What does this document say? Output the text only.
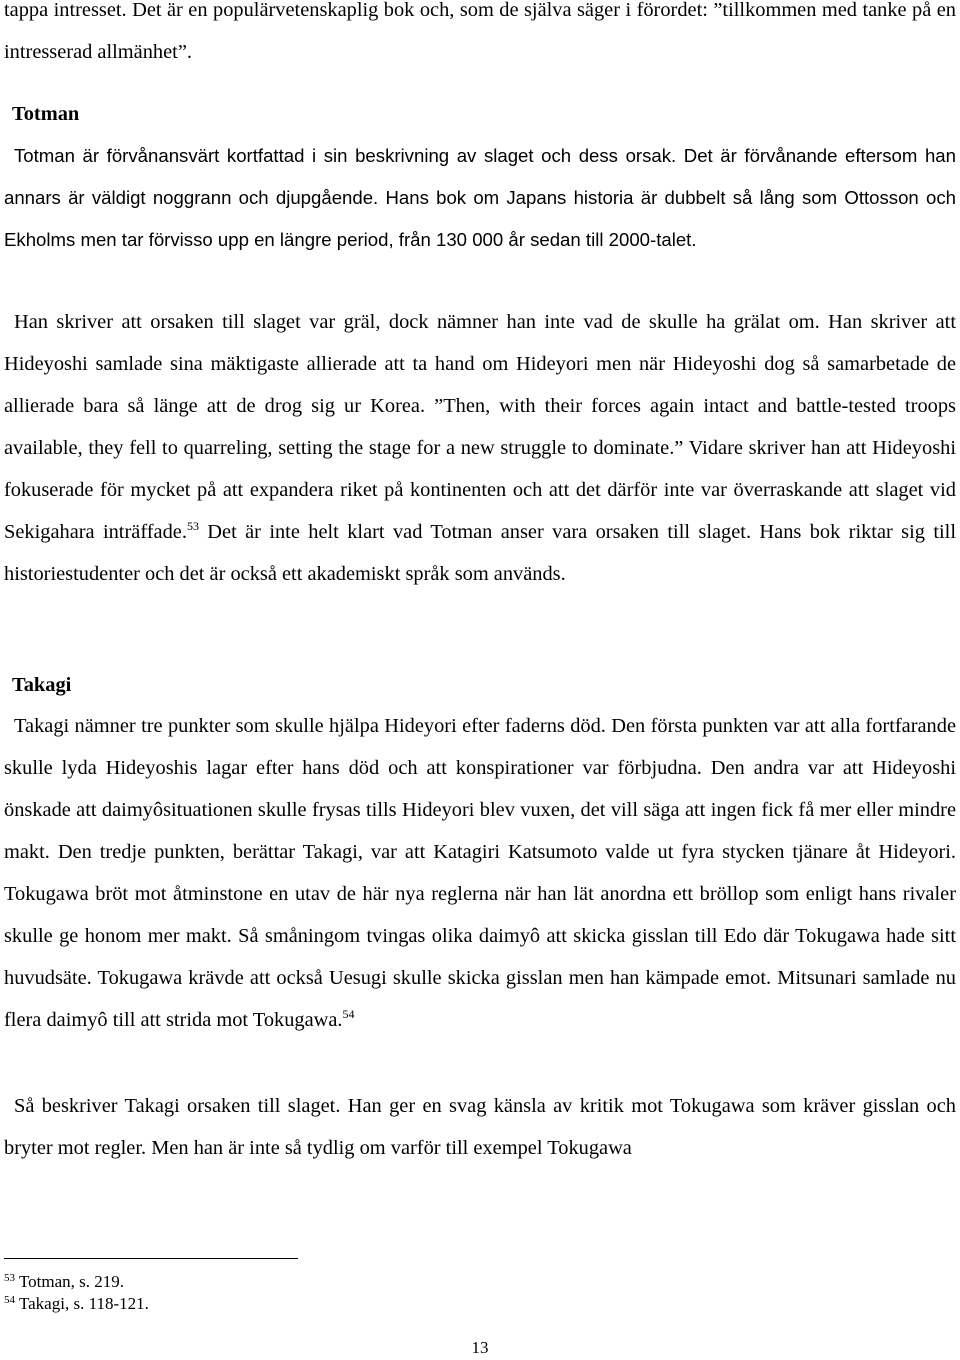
tappa intresset. Det är en populärvetenskaplig bok och, som de själva säger i förordet: ”tillkommen med tanke på en intresserad allmänhet”.

Totman

Totman är förvånansvärt kortfattad i sin beskrivning av slaget och dess orsak. Det är förvånande eftersom han annars är väldigt noggrann och djupgående. Hans bok om Japans historia är dubbelt så lång som Ottosson och Ekholms men tar förvisso upp en längre period, från 130 000 år sedan till 2000-talet.

Han skriver att orsaken till slaget var gräl, dock nämner han inte vad de skulle ha grälat om. Han skriver att Hideyoshi samlade sina mäktigaste allierade att ta hand om Hideyori men när Hideyoshi dog så samarbetade de allierade bara så länge att de drog sig ur Korea. ”Then, with their forces again intact and battle-tested troops available, they fell to quarreling, setting the stage for a new struggle to dominate.” Vidare skriver han att Hideyoshi fokuserade för mycket på att expandera riket på kontinenten och att det därför inte var överraskande att slaget vid Sekigahara inträffade.$^{53}$ Det är inte helt klart vad Totman anser vara orsaken till slaget. Hans bok riktar sig till historiestudenter och det är också ett akademiskt språk som används.

Takagi

Takagi nämner tre punkter som skulle hjälpa Hideyori efter faderns död. Den första punkten var att alla fortfarande skulle lyda Hideyoshis lagar efter hans död och att konspirationer var förbjudna. Den andra var att Hideyoshi önskade att daimyôsituationen skulle frysas tills Hideyori blev vuxen, det vill säga att ingen fick få mer eller mindre makt. Den tredje punkten, berättar Takagi, var att Katagiri Katsumoto valde ut fyra stycken tjänare åt Hideyori. Tokugawa bröt mot åtminstone en utav de här nya reglerna när han lät anordna ett bröllop som enligt hans rivaler skulle ge honom mer makt. Så småningom tvingas olika daimyô att skicka gisslan till Edo där Tokugawa hade sitt huvudsäte. Tokugawa krävde att också Uesugi skulle skicka gisslan men han kämpade emot. Mitsunari samlade nu flera daimyô till att strida mot Tokugawa.$^{54}$

Så beskriver Takagi orsaken till slaget. Han ger en svag känsla av kritik mot Tokugawa som kräver gisslan och bryter mot regler. Men han är inte så tydlig om varför till exempel Tokugawa

$^{53}$ Totman, s. 219.

$^{54}$ Takagi, s. 118-121.

13
